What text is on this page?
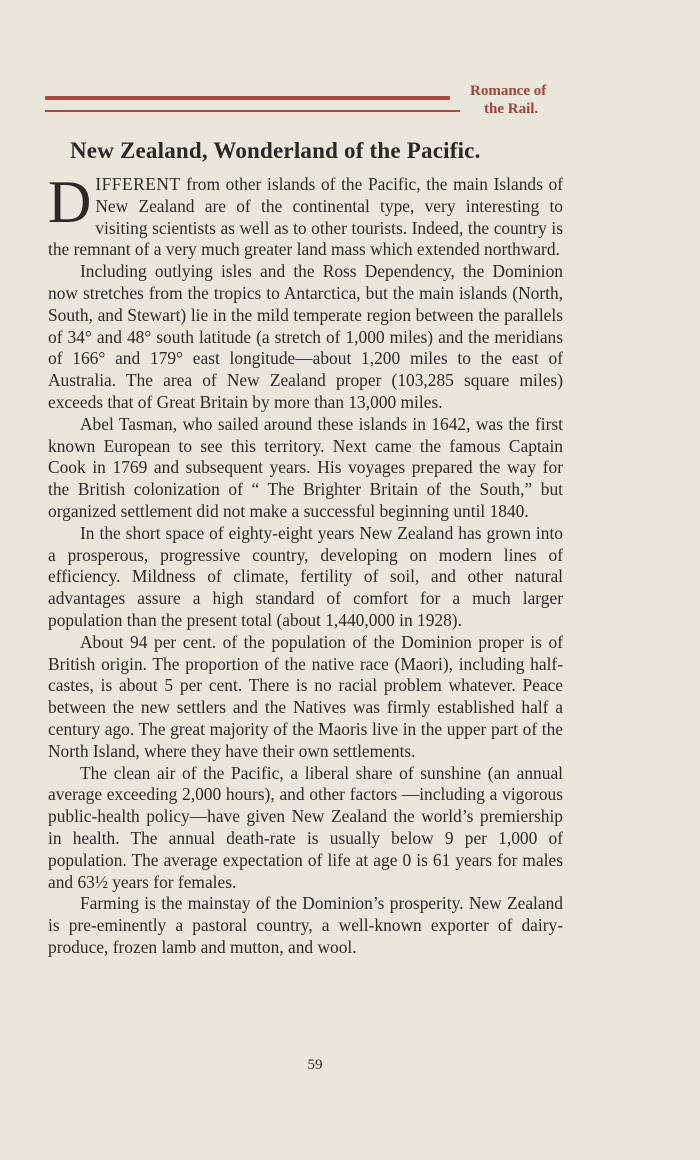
Romance of
the Rail.
New Zealand, Wonderland of the Pacific.

DIFFERENT from other islands of the Pacific, the main Islands of New Zealand are of the continental type, very interesting to visiting scientists as well as to other tourists. Indeed, the country is the remnant of a very much greater land mass which extended northward.

Including outlying isles and the Ross Dependency, the Dominion now stretches from the tropics to Antarctica, but the main islands (North, South, and Stewart) lie in the mild temperate region between the parallels of 34° and 48° south latitude (a stretch of 1,000 miles) and the meridians of 166° and 179° east longitude—about 1,200 miles to the east of Australia. The area of New Zealand proper (103,285 square miles) exceeds that of Great Britain by more than 13,000 miles.

Abel Tasman, who sailed around these islands in 1642, was the first known European to see this territory. Next came the famous Captain Cook in 1769 and subsequent years. His voyages prepared the way for the British colonization of “ The Brighter Britain of the South,” but organized settlement did not make a successful beginning until 1840.

In the short space of eighty-eight years New Zealand has grown into a prosperous, progressive country, developing on modern lines of efficiency. Mildness of climate, fertility of soil, and other natural advantages assure a high standard of comfort for a much larger population than the present total (about 1,440,000 in 1928).

About 94 per cent. of the population of the Dominion proper is of British origin. The proportion of the native race (Maori), including half-castes, is about 5 per cent. There is no racial problem whatever. Peace between the new settlers and the Natives was firmly established half a century ago. The great majority of the Maoris live in the upper part of the North Island, where they have their own settlements.

The clean air of the Pacific, a liberal share of sunshine (an annual average exceeding 2,000 hours), and other factors —including a vigorous public-health policy—have given New Zealand the world’s premiership in health. The annual death-rate is usually below 9 per 1,000 of population. The average expectation of life at age 0 is 61 years for males and 63½ years for females.

Farming is the mainstay of the Dominion’s prosperity. New Zealand is pre-eminently a pastoral country, a well-known exporter of dairy-produce, frozen lamb and mutton, and wool.

59
